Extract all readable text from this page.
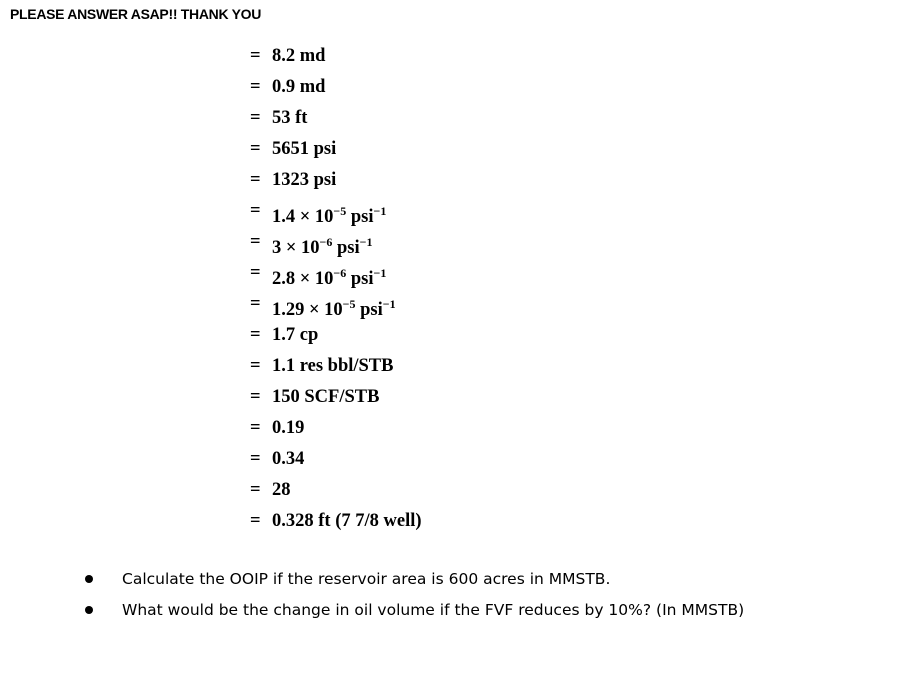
PLEASE ANSWER ASAP!! THANK YOU
= 8.2 md
= 0.9 md
= 53 ft
= 5651 psi
= 1323 psi
= $1.4 \times 10^{-5}$ psi$^{-1}$
= $3 \times 10^{-6}$ psi$^{-1}$
= $2.8 \times 10^{-6}$ psi$^{-1}$
= $1.29 \times 10^{-5}$ psi$^{-1}$
= 1.7 cp
= 1.1 res bbl/STB
= 150 SCF/STB
= 0.19
= 0.34
= 28
= 0.328 ft (7 7/8 well)
Calculate the OOIP if the reservoir area is 600 acres in MMSTB.
What would be the change in oil volume if the FVF reduces by 10%? (In MMSTB)
